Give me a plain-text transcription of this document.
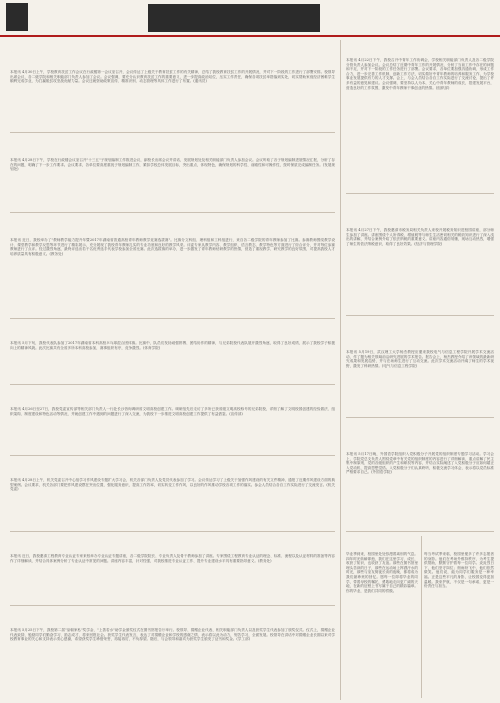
本报讯 4月30日上午，学校教育扶贫工作会议在行政楼第一会议室召开，会议传达了上级关于教育扶贫工作的有关精神，总结了我校教育扶贫工作的开展情况，并对下一阶段的工作进行了部署安排。校领导出席会议，各二级学院和相关职能部门负责人参加了会议。会议强调，要充分认识教育扶贫工作的重要意义，进一步提高政治站位，压实工作责任，确保各项扶贫举措落到实处，切实帮助家庭经济困难学生顺利完成学业，为打赢脱贫攻坚战贡献力量。会议还就资助政策宣传、精准识别、动态管理等具体工作进行了布置。(通讯员)
本报讯 4月28日下午，学校在行政楼会议室召开"十三五"子规划编制工作推进会议，副校长出席会议并讲话，发展规划处及相关职能部门负责人参加会议。会议听取了各子规划编制进展情况汇报，分析了存在的问题，明确了下一步工作要求。会议要求，各单位要高度重视子规划编制工作，紧扣学校总体发展目标，突出重点，体现特色，确保规划的科学性、前瞻性和可操作性，按时保质完成编制任务。(发展规划处)
本报讯 近日，我校举办了"教师教学能力提升年暨2017年湖南省普通高校青年教师教学竞赛选拔赛"。比赛分文科组、理科组和工科组进行，来自各二级学院的青年教师参加了比赛。参赛教师围绕教学设计、课堂教学和教学反思等环节进行了精彩展示，充分展现了我校青年教师扎实的专业功底和良好的教学风采。评委专家从教学内容、教学组织、语言教态、教学特色等方面进行了综合评分，并对每位参赛教师进行了点评。经过激烈角逐，最终评选出若干名优秀选手代表学校参加全省比赛。此次选拔赛的举办，进一步激发了青年教师钻研教学的热情，营造了重视教学、研究教学的良好氛围，对提高我校人才培养质量具有积极意义。(教务处)
本报讯 5月下旬，我校代表队参加了2017年湖南省本科高校乒乓球混合团体赛。比赛中，队员们发扬顽强拼搏、团结协作的精神，与兄弟院校代表队展开激烈角逐，取得了良好成绩，展示了我校学子积极向上的精神风貌。此次比赛共有全省多所本科高校参加，赛事组织有序，竞争激烈。(体育学院)
本报讯 4月26日至27日，我校党委宣传部等相关部门负责人一行赴长沙咨询调研省文明高校创建工作。调研组先后走访了多所已获省级文明高校称号的兄弟院校，详细了解了文明校园创建的经验做法、组织架构、制度建设和特色活动等情况，并就创建工作中遇到的问题进行了深入交流，为我校下一步推进文明高校创建工作提供了有益借鉴。(宣传部)
本报讯 4月28日上午，机关党委召开中心组学习作风建设专题扩大学习会，机关各部门负责人及党员代表参加了学习。会议传达学习了上级关于加强作风建设的有关文件精神，通报了近期作风建设方面的典型案例。会议要求，机关各部门要把作风建设摆在突出位置，强化服务意识，提高工作效率，切实转变工作作风，以良好的作风推动学校各项工作的落实。参会人员结合各自工作实际进行了交流发言。(机关党委)
本报讯 近日，我校邀请工程教育专业认证专家来校举办专业认证专题讲座，各二级学院院长、专业负责人及骨干教师参加了讲座。专家围绕工程教育专业认证的理念、标准、流程以及认证材料的准备等内容作了详细解读，并结合具体案例分析了专业认证中常见的问题。讲座内容丰富，针对性强，对我校推进专业认证工作、提升专业建设水平具有重要指导意义。(教务处)
本报讯 5月25日下午，我校第二届"皇朝家私"奖学金、"上善若水"助学金颁奖仪式在图书馆报告厅举行。校领导、捐赠企业代表、相关职能部门负责人以及获奖学生代表参加了颁奖仪式。仪式上，捐赠企业代表致辞，勉励同学们勤奋学习、励志成才，将来回报社会。获奖学生代表发言，表达了对捐赠企业和学校的感谢之情，表示将以此为动力，刻苦学习，全面发展。校领导在讲话中对捐赠企业长期以来对学校教育事业的关心和支持表示衷心感谢，希望获奖学生珍惜荣誉，再接再厉，不负厚望。随后，与会领导和嘉宾为获奖学生颁发了证书和奖金。(学工部)
本报讯 4月22日下午，我校召开中青年工作协调会，学校相关职能部门负责人及各二级学院分管负责人参加会议。会议总结了近期中青年工作的开展情况，分析了当前工作中存在的问题和不足，并对下一阶段的工作任务进行了部署。会议要求，各单位要加强沟通协调，形成工作合力，进一步完善工作机制，创新工作方法，切实做好中青年教师的培养和服务工作，为学校事业发展提供有力的人才支撑。会上，与会人员结合各自工作实际进行了交流讨论，提出了许多有益的意见和建议。会议强调，要坚持以人为本，关心中青年教师的成长，搭建发展平台，营造良好的工作氛围，激发中青年教师干事创业的热情。(组织部)
本报讯 4月27日下午，我校邀请市税务局相关负责人来校开展税务知识进校园讲座，部分师生参加了讲座。讲座围绕个人所得税、增值税等与师生生活密切相关的税收知识进行了深入浅出的讲解，并结合案例介绍了依法纳税的重要意义。讲座内容通俗易懂，现场互动热烈，增强了师生的依法纳税意识，取得了良好效果。(经济与管理学院)
本报讯 5月19日，武汉理工大学杨杰教授应邀来我校电气与信息工程学院开展学术交流活动，作了题为相关领域前沿研究进展的学术报告。报告会上，杨杰教授介绍了该领域的最新研究成果和发展趋势，并与在场师生进行了互动交流。此次学术交流活动开阔了师生的学术视野，激发了科研热情。(电气与信息工程学院)
本报讯 5月17日晚，外国语学院组织入党积极分子开展党的组织制度专题学习活动。学习会上，学院党总支负责人围绕党章中有关党的组织制度的内容进行了详细解读，重点讲解了民主集中制原则、党的各级组织的产生和职权等内容，并结合实际阐述了入党积极分子应如何端正入党动机、提高思想觉悟。入党积极分子们认真聆听，积极交流学习体会，表示将以党员标准严格要求自己。(外国语学院)
毕业季到来，校园里处处弥漫着离别的气息。四年时光转瞬即逝，我们在这里学习、成长，收获了知识，也收获了友谊。那些在图书馆里埋头苦读的日子，那些在运动场上挥洒汗水的时光，那些与室友彻夜长谈的夜晚，都将成为我们最珍贵的回忆。愿每一位即将毕业的同学，带着母校的嘱托，勇敢地走向更广阔的天地，在新的征程上书写属于自己的精彩篇章。你的毕业，是我们共同的骄傲。
每当考试季来临，校园里便多了许多志愿者的身影。他们在考场外维持秩序，为考生提供帮助，默默守护着每一位同学。炎炎烈日下，他们坚守岗位；细雨纷飞中，他们依然微笑。他们说，能为同学们服务是一种幸福。正是这些平凡的身影，让校园变得更加温暖。我来护航，不仅是一句承诺，更是一份责任与担当。
